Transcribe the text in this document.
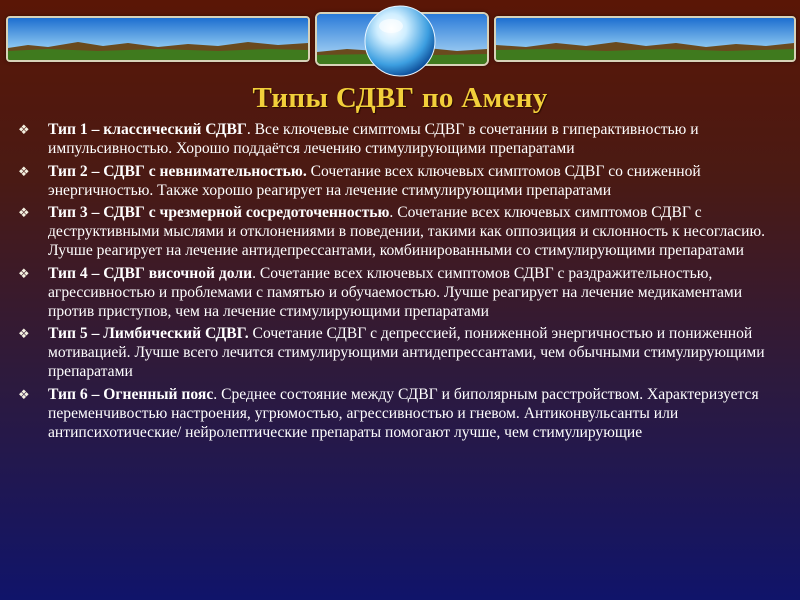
Типы СДВГ по Амену
❖ Тип 1 – классический СДВГ. Все ключевые симптомы СДВГ в сочетании в гиперактивностью и импульсивностью. Хорошо поддаётся лечению стимулирующими препаратами
❖ Тип 2 – СДВГ с невнимательностью. Сочетание всех ключевых симптомов СДВГ со сниженной энергичностью. Также хорошо реагирует на лечение стимулирующими препаратами
❖ Тип 3 – СДВГ с чрезмерной сосредоточенностью. Сочетание всех ключевых симптомов СДВГ с деструктивными мыслями и отклонениями в поведении, такими как оппозиция и склонность к несогласию. Лучше реагирует на лечение антидепрессантами, комбинированными со стимулирующими препаратами
❖ Тип 4 – СДВГ височной доли. Сочетание всех ключевых симптомов СДВГ с раздражительностью, агрессивностью и проблемами с памятью и обучаемостью. Лучше реагирует на лечение медикаментами против приступов, чем на лечение стимулирующими препаратами
❖ Тип 5 – Лимбический СДВГ. Сочетание СДВГ с депрессией, пониженной энергичностью и пониженной мотивацией. Лучше всего лечится стимулирующими антидепрессантами, чем обычными стимулирующими препаратами
❖ Тип 6 – Огненный пояс. Среднее состояние между СДВГ и биполярным расстройством. Характеризуется переменчивостью настроения, угрюмостью, агрессивностью и гневом. Антиконвульсанты или антипсихотические/ нейролептические препараты помогают лучше, чем стимулирующие
